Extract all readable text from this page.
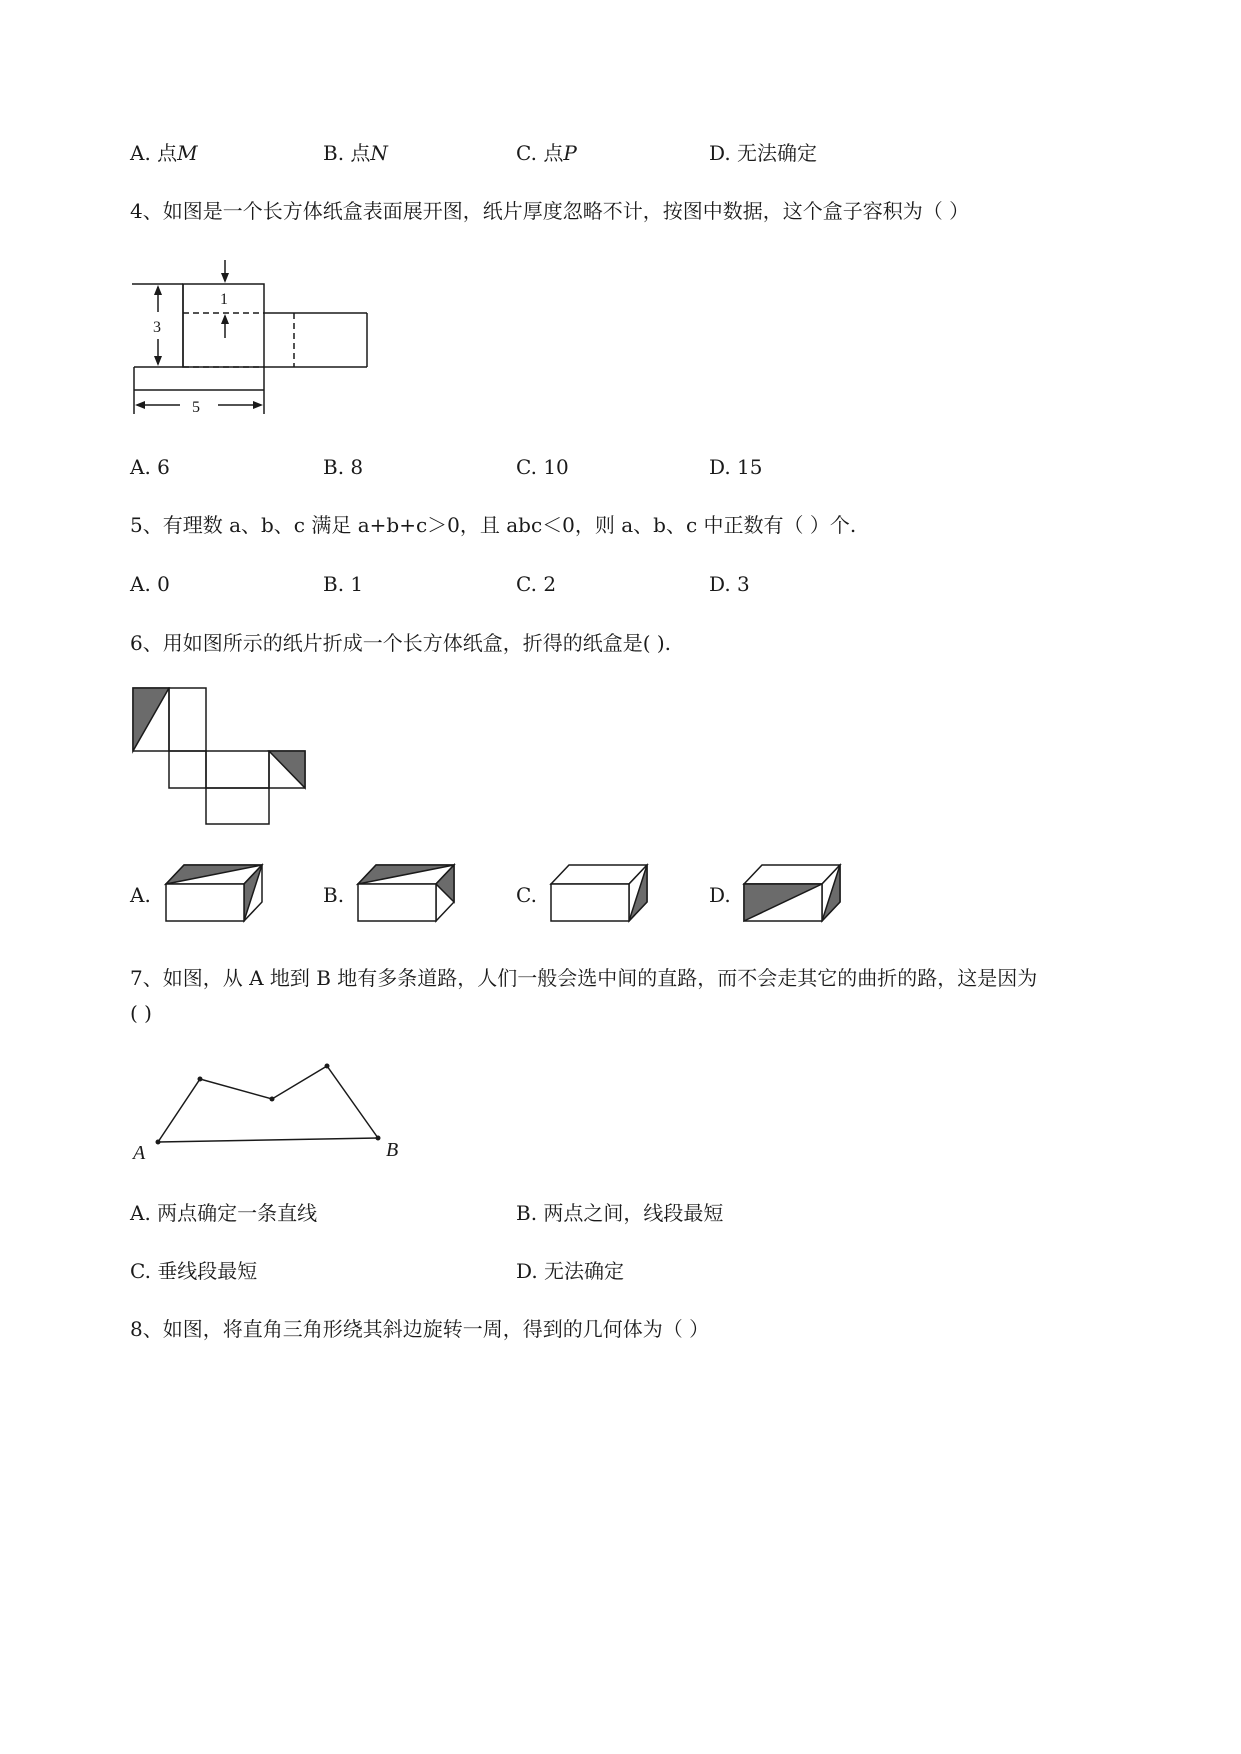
A. 点M	B. 点N	C. 点P	D. 无法确定
4、如图是一个长方体纸盒表面展开图，纸片厚度忽略不计，按图中数据，这个盒子容积为（ ）
3
1
5
A. 6	B. 8	C. 10	D. 15
5、有理数 a、b、c 满足 a+b+c＞0，且 abc＜0，则 a、b、c 中正数有（ ）个.
A. 0	B. 1	C. 2	D. 3
6、用如图所示的纸片折成一个长方体纸盒，折得的纸盒是( ).
A.	B.	C.	D.
7、如图，从 A 地到 B 地有多条道路，人们一般会选中间的直路，而不会走其它的曲折的路，这是因为
( )
A	B
A. 两点确定一条直线	B. 两点之间，线段最短
C. 垂线段最短	D. 无法确定
8、如图，将直角三角形绕其斜边旋转一周，得到的几何体为（ ）
